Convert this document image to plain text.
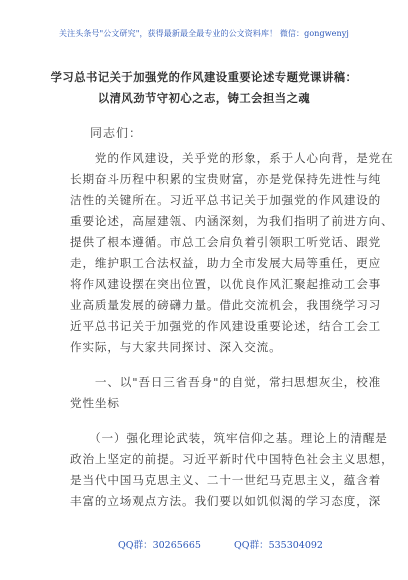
关注头条号"公文研究"，获得最新最全最专业的公文资料库！ 微信：gongwenyj
学习总书记关于加强党的作风建设重要论述专题党课讲稿：
以清风劲节守初心之志，铸工会担当之魂
同志们：
　　党的作风建设，关乎党的形象，系于人心向背，是党在
长期奋斗历程中积累的宝贵财富，亦是党保持先进性与纯
洁性的关键所在。习近平总书记关于加强党的作风建设的
重要论述，高屋建瓴、内涵深刻，为我们指明了前进方向、
提供了根本遵循。市总工会肩负着引领职工听党话、跟党
走，维护职工合法权益，助力全市发展大局等重任，更应
将作风建设摆在突出位置，以优良作风汇聚起推动工会事
业高质量发展的磅礴力量。借此交流机会，我围绕学习习
近平总书记关于加强党的作风建设重要论述，结合工会工
作实际，与大家共同探讨、深入交流。
　　一、以"吾日三省吾身"的自觉，常扫思想灰尘，校准
党性坐标
　　（一）强化理论武装，筑牢信仰之基。理论上的清醒是
政治上坚定的前提。习近平新时代中国特色社会主义思想，
是当代中国马克思主义、二十一世纪马克思主义，蕴含着
丰富的立场观点方法。我们要以如饥似渴的学习态度，深
QQ群：30265665	QQ群：535304092
